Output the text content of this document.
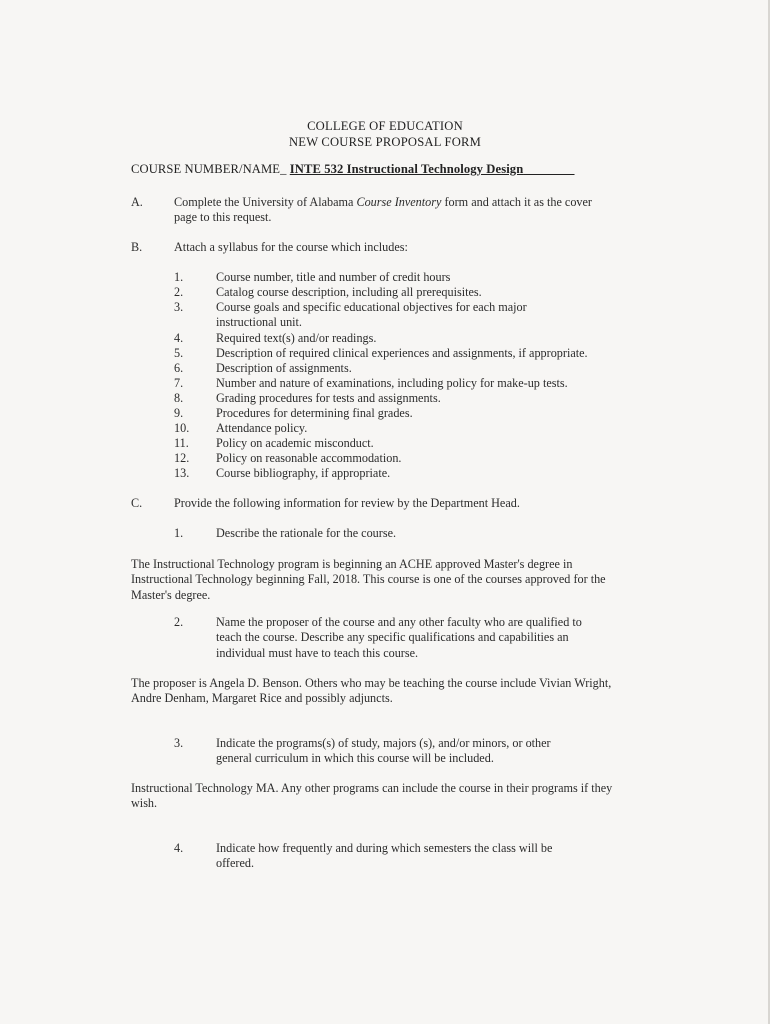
COLLEGE OF EDUCATION
NEW COURSE PROPOSAL FORM
COURSE NUMBER/NAME_ INTE 532 Instructional Technology Design________
A.	Complete the University of Alabama Course Inventory form and attach it as the cover page to this request.
B.	Attach a syllabus for the course which includes:
1.	Course number, title and number of credit hours
2.	Catalog course description, including all prerequisites.
3.	Course goals and specific educational objectives for each major instructional unit.
4.	Required text(s) and/or readings.
5.	Description of required clinical experiences and assignments, if appropriate.
6.	Description of assignments.
7.	Number and nature of examinations, including policy for make-up tests.
8.	Grading procedures for tests and assignments.
9.	Procedures for determining final grades.
10.	Attendance policy.
11.	Policy on academic misconduct.
12.	Policy on reasonable accommodation.
13.	Course bibliography, if appropriate.
C.	Provide the following information for review by the Department Head.
1.	Describe the rationale for the course.
The Instructional Technology program is beginning an ACHE approved Master's degree in Instructional Technology beginning Fall, 2018. This course is one of the courses approved for the Master's degree.
2.	Name the proposer of the course and any other faculty who are qualified to teach the course. Describe any specific qualifications and capabilities an individual must have to teach this course.
The proposer is Angela D. Benson. Others who may be teaching the course include Vivian Wright, Andre Denham, Margaret Rice and possibly adjuncts.
3.	Indicate the programs(s) of study, majors (s), and/or minors, or other general curriculum in which this course will be included.
Instructional Technology MA. Any other programs can include the course in their programs if they wish.
4.	Indicate how frequently and during which semesters the class will be offered.
